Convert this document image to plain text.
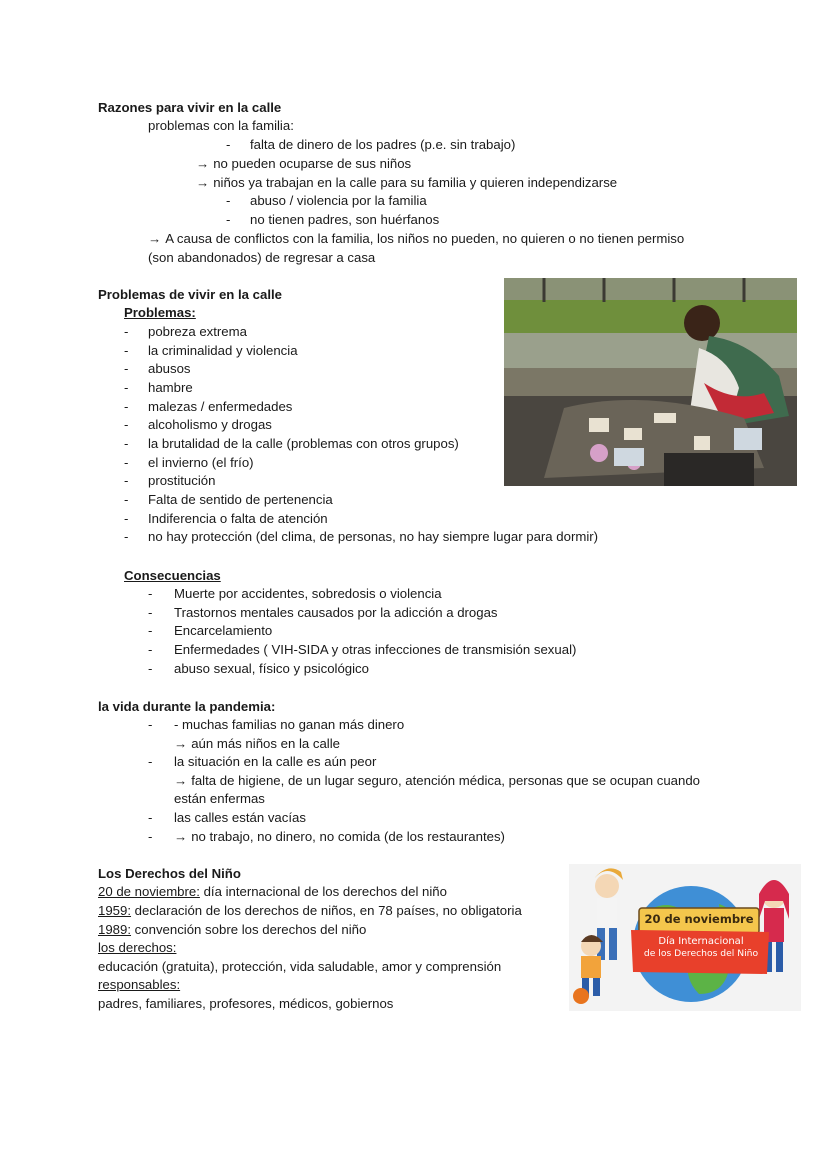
Razones para vivir en la calle
problemas con la familia:
- falta de dinero de los padres (p.e. sin trabajo)
→ no pueden ocuparse de sus niños
→ niños ya trabajan en la calle para su familia y quieren independizarse
- abuso / violencia por la familia
- no tienen padres, son huérfanos
→ A causa de conflictos con la familia, los niños no pueden, no quieren o no tienen permiso
(son abandonados) de regresar a casa
Problemas de vivir en la calle
Problemas:
- pobreza extrema
- la criminalidad y violencia
- abusos
- hambre
- malezas / enfermedades
- alcoholismo y drogas
- la brutalidad de la calle (problemas con otros grupos)
- el invierno (el frío)
- prostitución
- Falta de sentido de pertenencia
- Indiferencia o falta de atención
- no hay protección (del clima, de personas, no hay siempre lugar para dormir)
Consecuencias
- Muerte por accidentes, sobredosis o violencia
- Trastornos mentales causados por la adicción a drogas
- Encarcelamiento
- Enfermedades ( VIH-SIDA y otras infecciones de transmisión sexual)
- abuso sexual, físico y psicológico
la vida durante la pandemia:
- - muchas familias no ganan más dinero
→ aún más niños en la calle
- la situación en la calle es aún peor
→ falta de higiene, de un lugar seguro, atención médica, personas que se ocupan cuando
están enfermas
- las calles están vacías
- → no trabajo, no dinero, no comida (de los restaurantes)
Los Derechos del Niño
20 de noviembre: día internacional de los derechos del niño
1959: declaración de los derechos de niños, en 78 países, no obligatoria
1989: convención sobre los derechos del niño
los derechos:
educación (gratuita), protección, vida saludable, amor y comprensión
responsables:
padres, familiares, profesores, médicos, gobiernos
20 de noviembre
Día Internacional
de los Derechos del Niño
